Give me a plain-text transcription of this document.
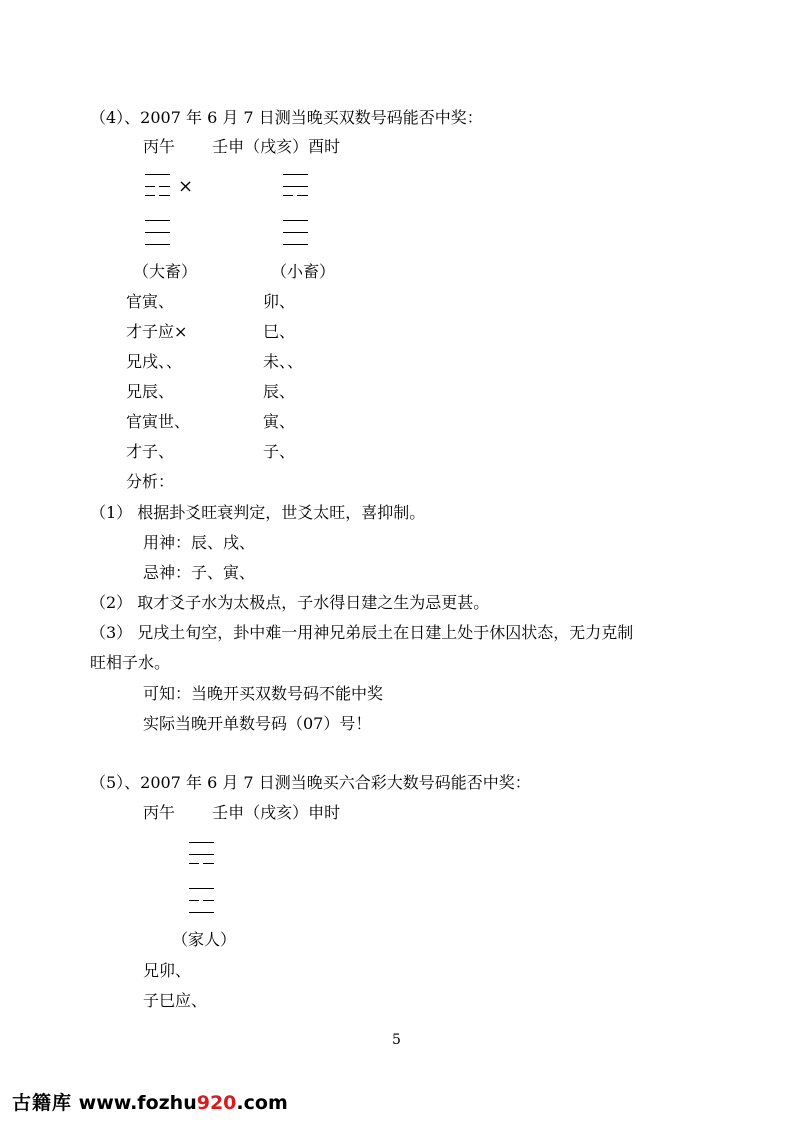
（4）、2007 年 6 月 7 日测当晚买双数号码能否中奖：
丙午　　 壬申（戌亥）酉时
×
（大畜）	（小畜）
官寅、
才子应×
兄戌、、
兄辰、
官寅世、
才子、
卯、
巳、
未、、
辰、
寅、
子、
分析：
（1） 根据卦爻旺衰判定，世爻太旺，喜抑制。
用神：辰、戌、
忌神：子、寅、
（2） 取才爻子水为太极点，子水得日建之生为忌更甚。
（3） 兄戌土旬空，卦中难一用神兄弟辰土在日建上处于休囚状态，无力克制
旺相子水。
可知：当晚开买双数号码不能中奖
实际当晚开单数号码（07）号！
（5）、2007 年 6 月 7 日测当晚买六合彩大数号码能否中奖：
丙午　　 壬申（戌亥）申时
（家人）
兄卯、
子巳应、
5
古籍库 www.fozhu920.com
